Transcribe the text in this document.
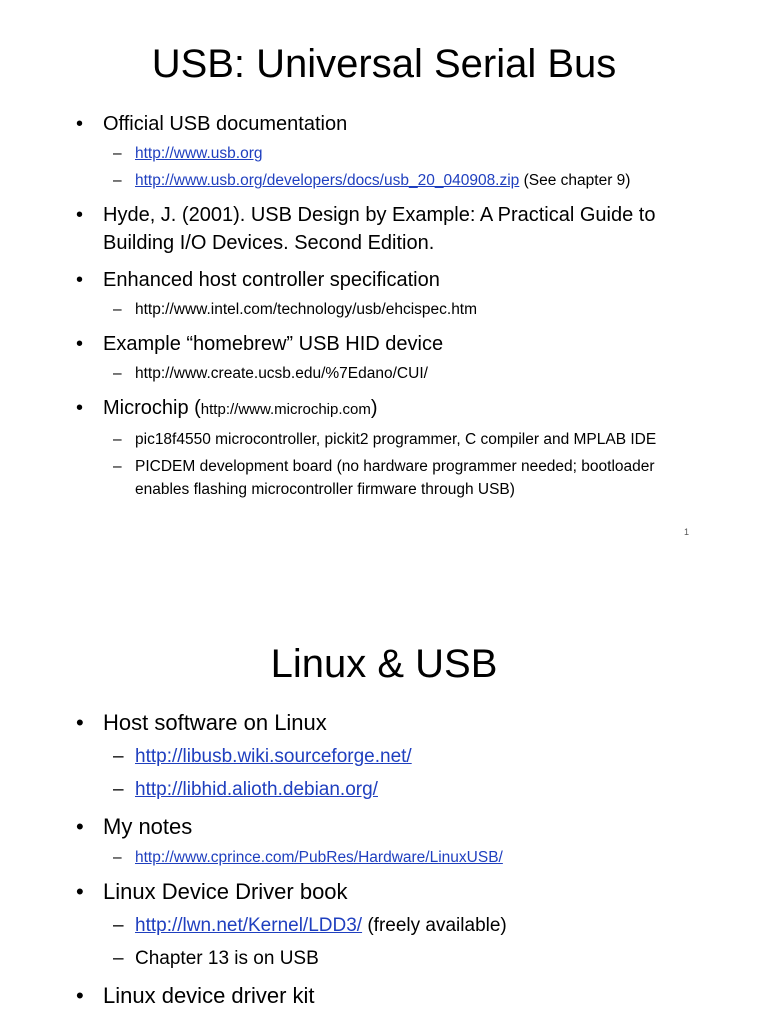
USB: Universal Serial Bus
• Official USB documentation
– http://www.usb.org
– http://www.usb.org/developers/docs/usb_20_040908.zip (See chapter 9)
• Hyde, J. (2001). USB Design by Example: A Practical Guide to Building I/O Devices. Second Edition.
• Enhanced host controller specification
– http://www.intel.com/technology/usb/ehcispec.htm
• Example “homebrew” USB HID device
– http://www.create.ucsb.edu/%7Edano/CUI/
• Microchip (http://www.microchip.com)
– pic18f4550 microcontroller, pickit2 programmer, C compiler and MPLAB IDE
– PICDEM development board (no hardware programmer needed; bootloader enables flashing microcontroller firmware through USB)
1
Linux & USB
• Host software on Linux
– http://libusb.wiki.sourceforge.net/
– http://libhid.alioth.debian.org/
• My notes
– http://www.cprince.com/PubRes/Hardware/LinuxUSB/
• Linux Device Driver book
– http://lwn.net/Kernel/LDD3/ (freely available)
– Chapter 13 is on USB
• Linux device driver kit
